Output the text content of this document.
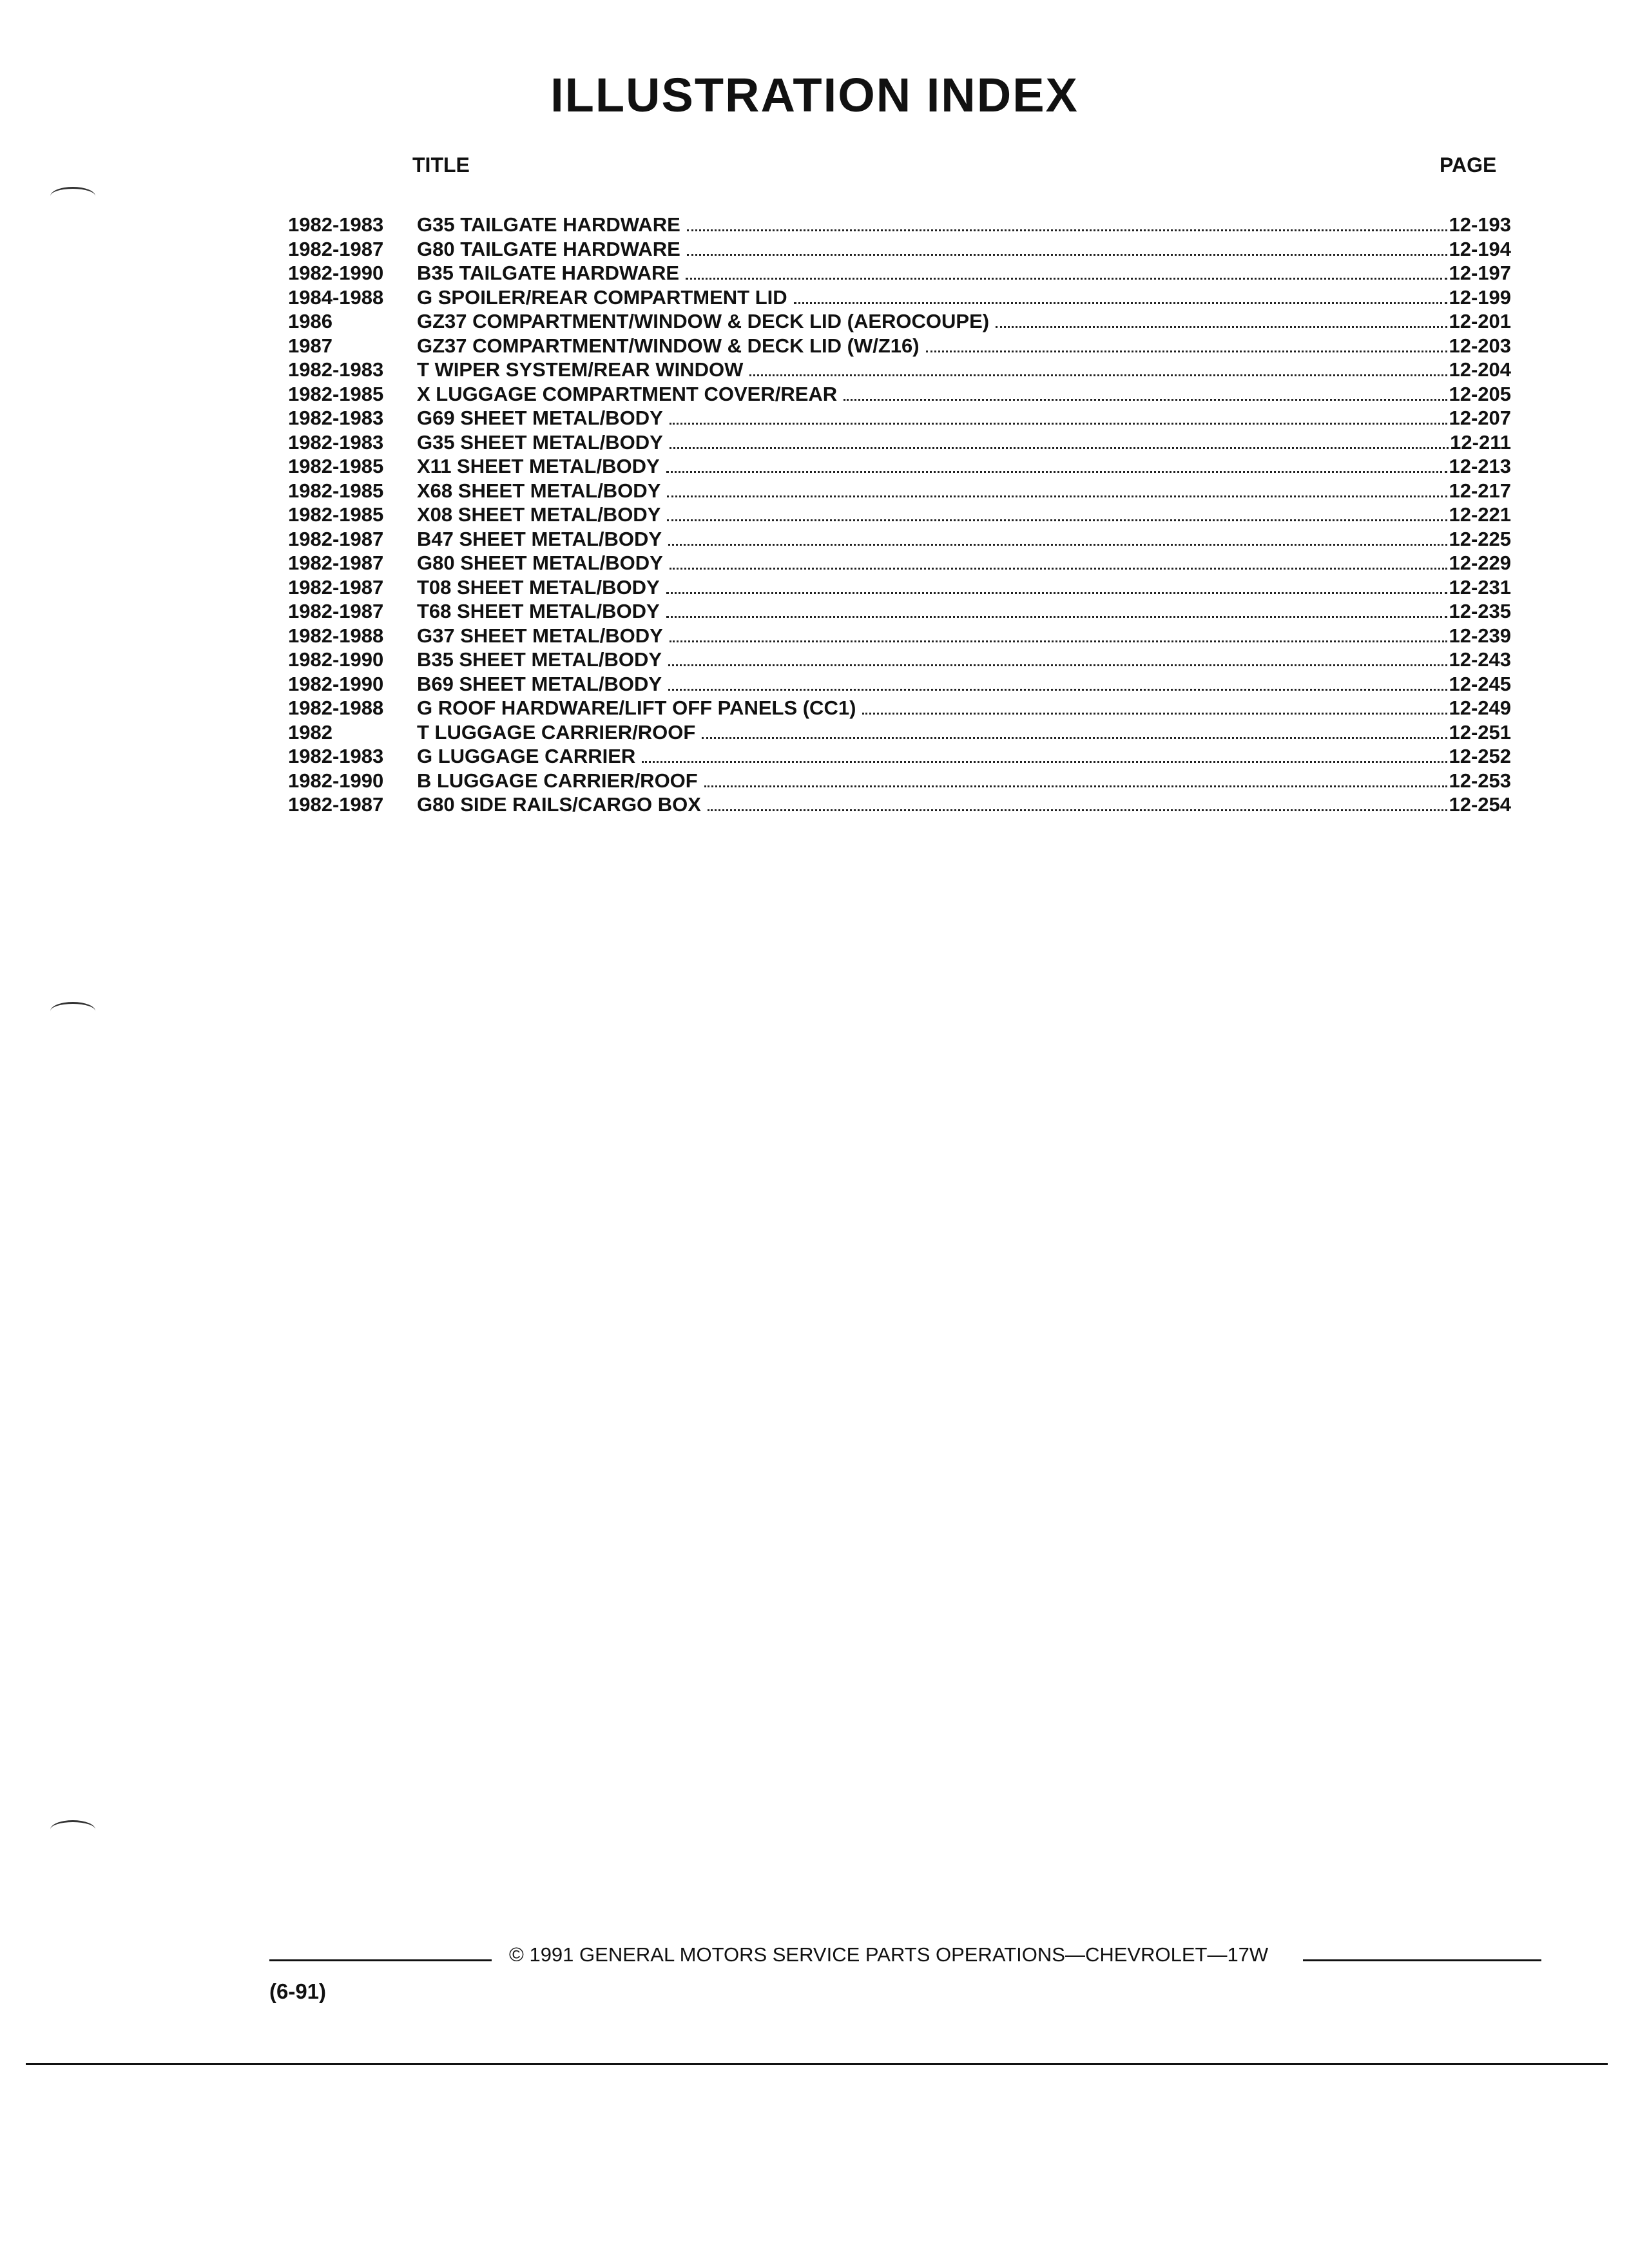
ILLUSTRATION INDEX
TITLE	PAGE
1982-1983	G35 TAILGATE HARDWARE	12-193
1982-1987	G80 TAILGATE HARDWARE	12-194
1982-1990	B35 TAILGATE HARDWARE	12-197
1984-1988	G SPOILER/REAR COMPARTMENT LID	12-199
1986	GZ37 COMPARTMENT/WINDOW & DECK LID (AEROCOUPE)	12-201
1987	GZ37 COMPARTMENT/WINDOW & DECK LID (W/Z16)	12-203
1982-1983	T WIPER SYSTEM/REAR WINDOW	12-204
1982-1985	X LUGGAGE COMPARTMENT COVER/REAR	12-205
1982-1983	G69 SHEET METAL/BODY	12-207
1982-1983	G35 SHEET METAL/BODY	12-211
1982-1985	X11 SHEET METAL/BODY	12-213
1982-1985	X68 SHEET METAL/BODY	12-217
1982-1985	X08 SHEET METAL/BODY	12-221
1982-1987	B47 SHEET METAL/BODY	12-225
1982-1987	G80 SHEET METAL/BODY	12-229
1982-1987	T08 SHEET METAL/BODY	12-231
1982-1987	T68 SHEET METAL/BODY	12-235
1982-1988	G37 SHEET METAL/BODY	12-239
1982-1990	B35 SHEET METAL/BODY	12-243
1982-1990	B69 SHEET METAL/BODY	12-245
1982-1988	G ROOF HARDWARE/LIFT OFF PANELS (CC1)	12-249
1982	T LUGGAGE CARRIER/ROOF	12-251
1982-1983	G LUGGAGE CARRIER	12-252
1982-1990	B LUGGAGE CARRIER/ROOF	12-253
1982-1987	G80 SIDE RAILS/CARGO BOX	12-254
© 1991 GENERAL MOTORS SERVICE PARTS OPERATIONS—CHEVROLET—17W
(6-91)
